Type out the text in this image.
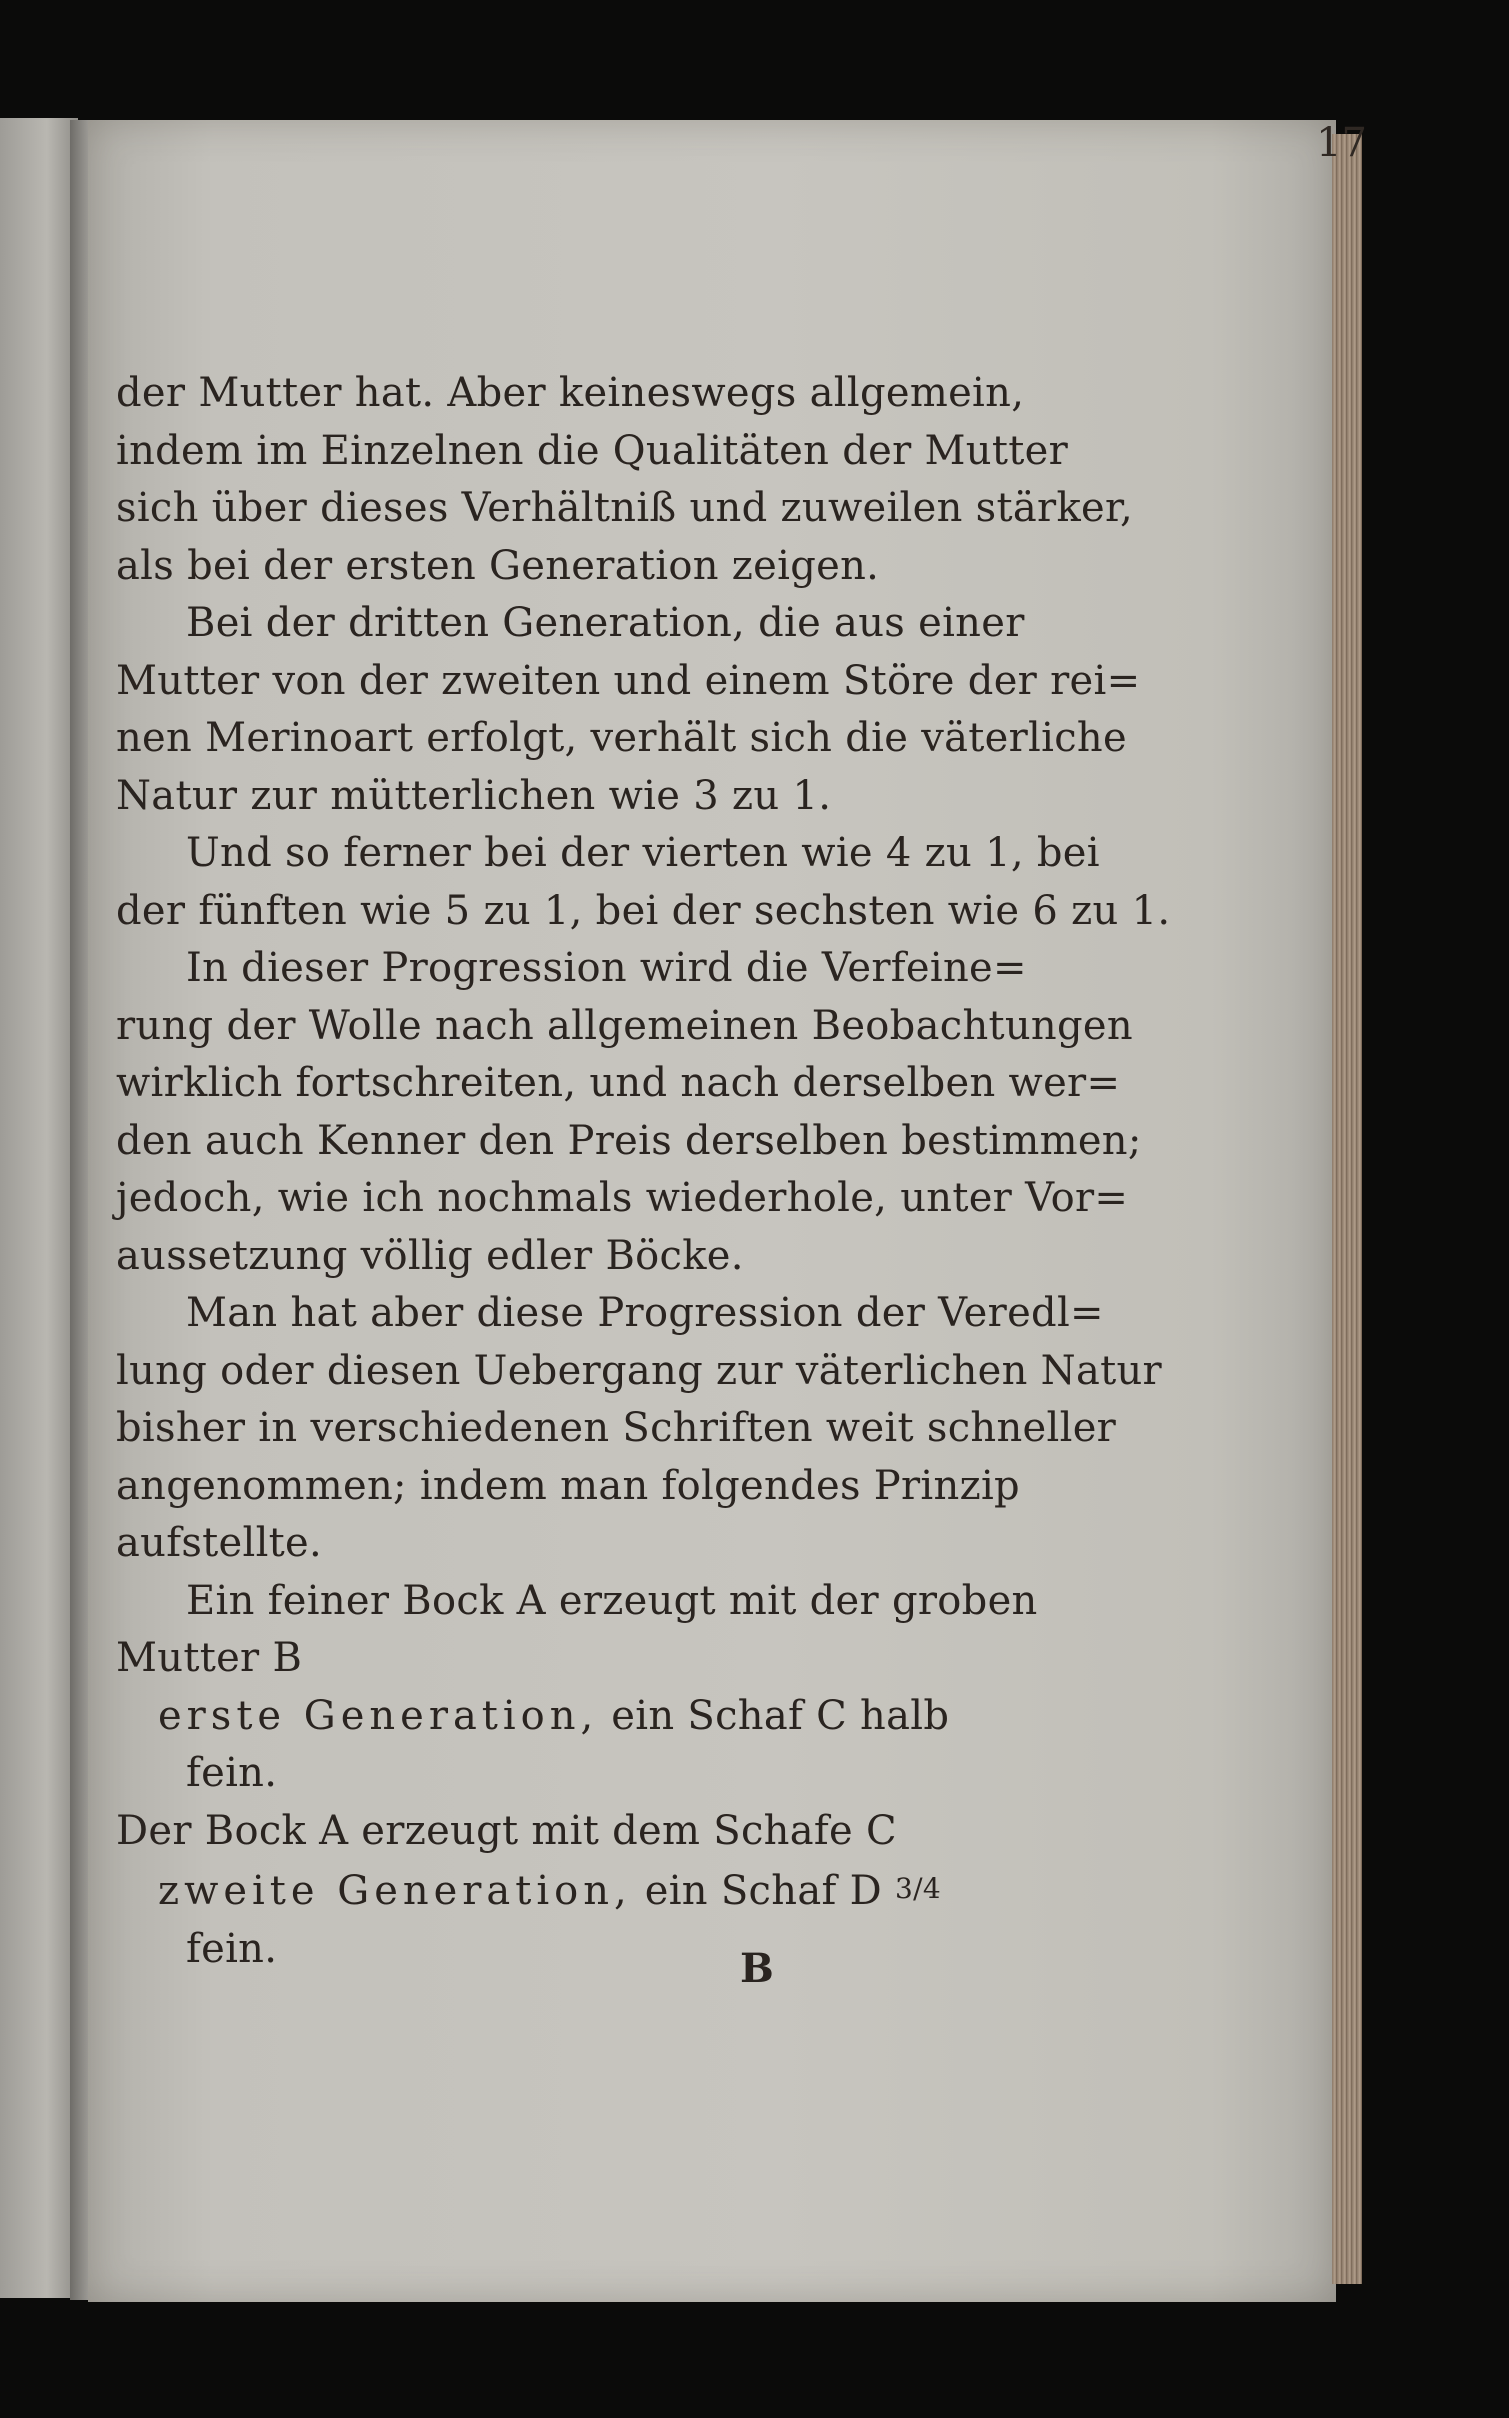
17
der Mutter hat. Aber keineswegs allgemein,
indem im Einzelnen die Qualitäten der Mutter
sich über dieses Verhältniß und zuweilen stärker,
als bei der ersten Generation zeigen.
Bei der dritten Generation, die aus einer
Mutter von der zweiten und einem Störe der rei=
nen Merinoart erfolgt, verhält sich die väterliche
Natur zur mütterlichen wie 3 zu 1.
Und so ferner bei der vierten wie 4 zu 1, bei
der fünften wie 5 zu 1, bei der sechsten wie 6 zu 1.
In dieser Progression wird die Verfeine=
rung der Wolle nach allgemeinen Beobachtungen
wirklich fortschreiten, und nach derselben wer=
den auch Kenner den Preis derselben bestimmen;
jedoch, wie ich nochmals wiederhole, unter Vor=
aussetzung völlig edler Böcke.
Man hat aber diese Progression der Veredl=
lung oder diesen Uebergang zur väterlichen Natur
bisher in verschiedenen Schriften weit schneller
angenommen; indem man folgendes Prinzip
aufstellte.
Ein feiner Bock A erzeugt mit der groben
Mutter B
erste Generation, ein Schaf C halb
fein.
Der Bock A erzeugt mit dem Schafe C
zweite Generation, ein Schaf D 3/4
fein.	B
